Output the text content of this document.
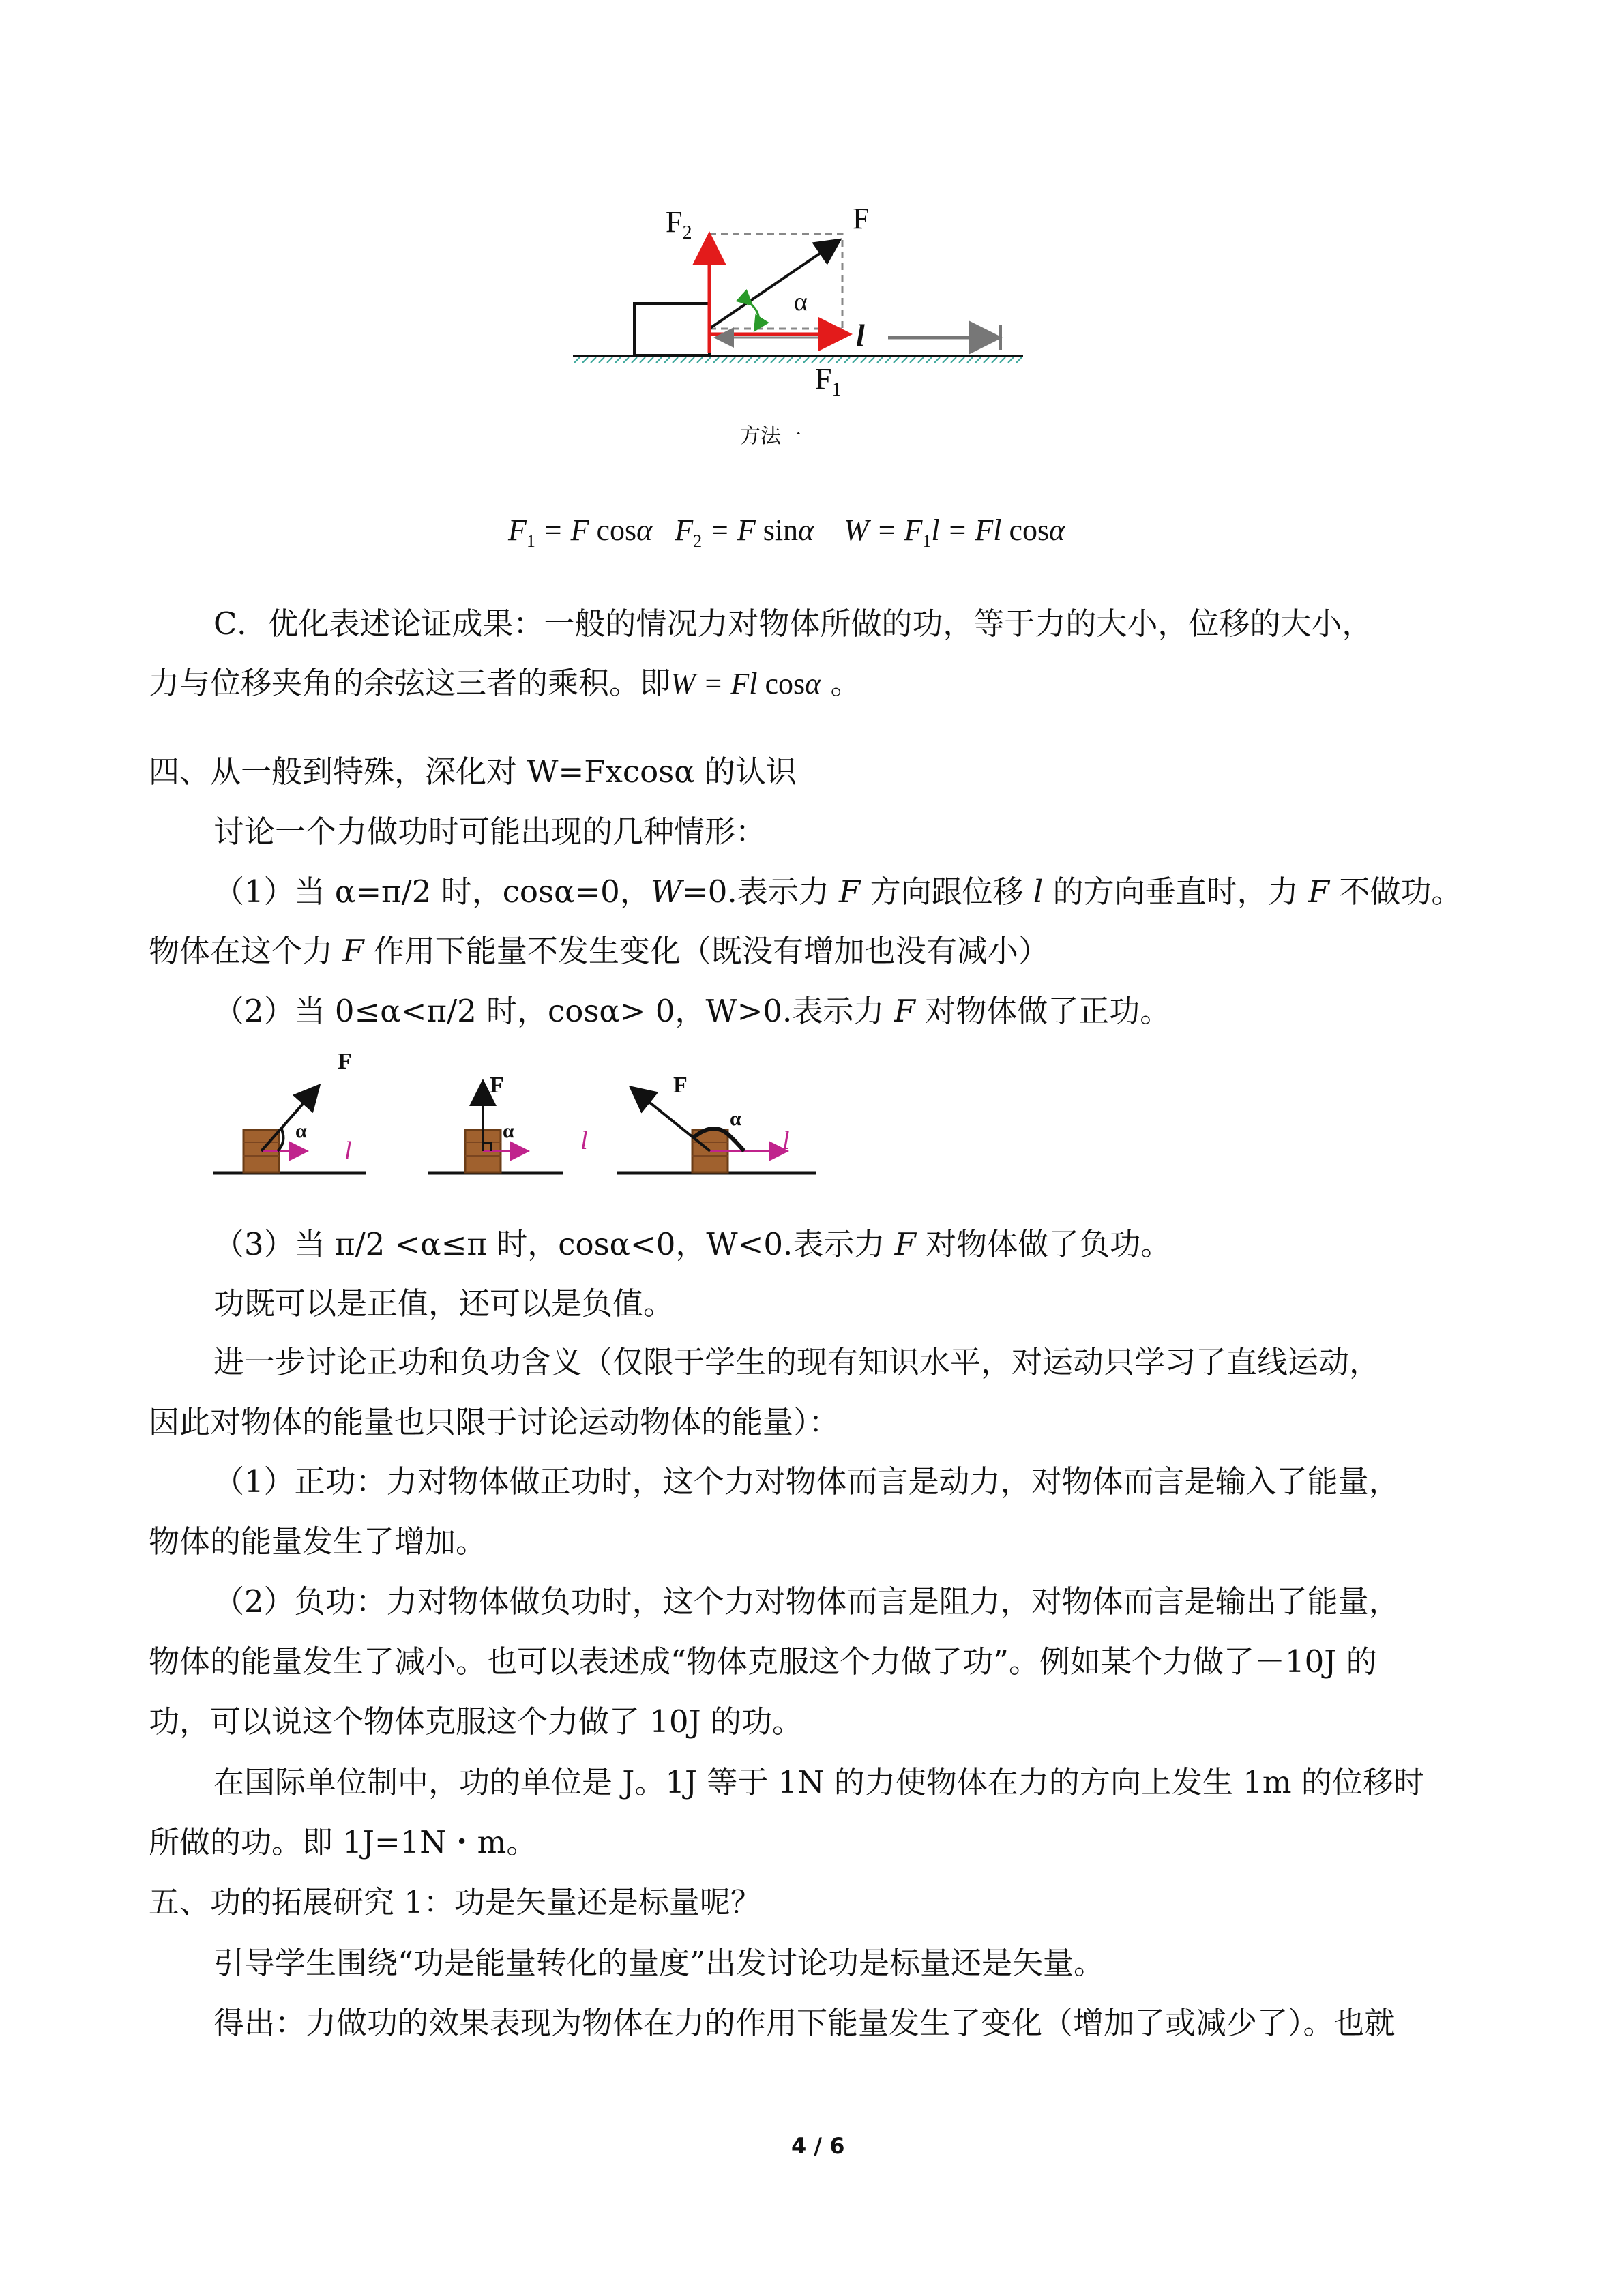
$F_2$	F
α
l
$F_1$
方法一
$F_1 = F$ cosα $F_2 = F$ sinα $W = F_1l = Fl$ cosα
C．优化表述论证成果：一般的情况力对物体所做的功，等于力的大小，位移的大小，
力与位移夹角的余弦这三者的乘积。即W = Fl cosα 。
四、从一般到特殊，深化对 W=Fxcosα 的认识
讨论一个力做功时可能出现的几种情形：
（1）当 α=π/2 时，cosα=0，W=0.表示力 F 方向跟位移 l 的方向垂直时，力 F 不做功。
物体在这个力 F 作用下能量不发生变化（既没有增加也没有减小）
（2）当 0≤α<π/2 时，cosα> 0，W>0.表示力 F 对物体做了正功。
F
α
l
F
α	l
F
α
l
（3）当 π/2 <α≤π 时，cosα<0，W<0.表示力 F 对物体做了负功。
功既可以是正值，还可以是负值。
进一步讨论正功和负功含义（仅限于学生的现有知识水平，对运动只学习了直线运动，
因此对物体的能量也只限于讨论运动物体的能量）：
（1）正功：力对物体做正功时，这个力对物体而言是动力，对物体而言是输入了能量，
物体的能量发生了增加。
（2）负功：力对物体做负功时，这个力对物体而言是阻力，对物体而言是输出了能量，
物体的能量发生了减小。也可以表述成“物体克服这个力做了功”。例如某个力做了－10J 的
功，可以说这个物体克服这个力做了 10J 的功。
在国际单位制中，功的单位是 J。1J 等于 1N 的力使物体在力的方向上发生 1m 的位移时
所做的功。即 1J=1N・m。
五、功的拓展研究 1：功是矢量还是标量呢？
引导学生围绕“功是能量转化的量度”出发讨论功是标量还是矢量。
得出：力做功的效果表现为物体在力的作用下能量发生了变化（增加了或减少了）。也就
4 / 6
